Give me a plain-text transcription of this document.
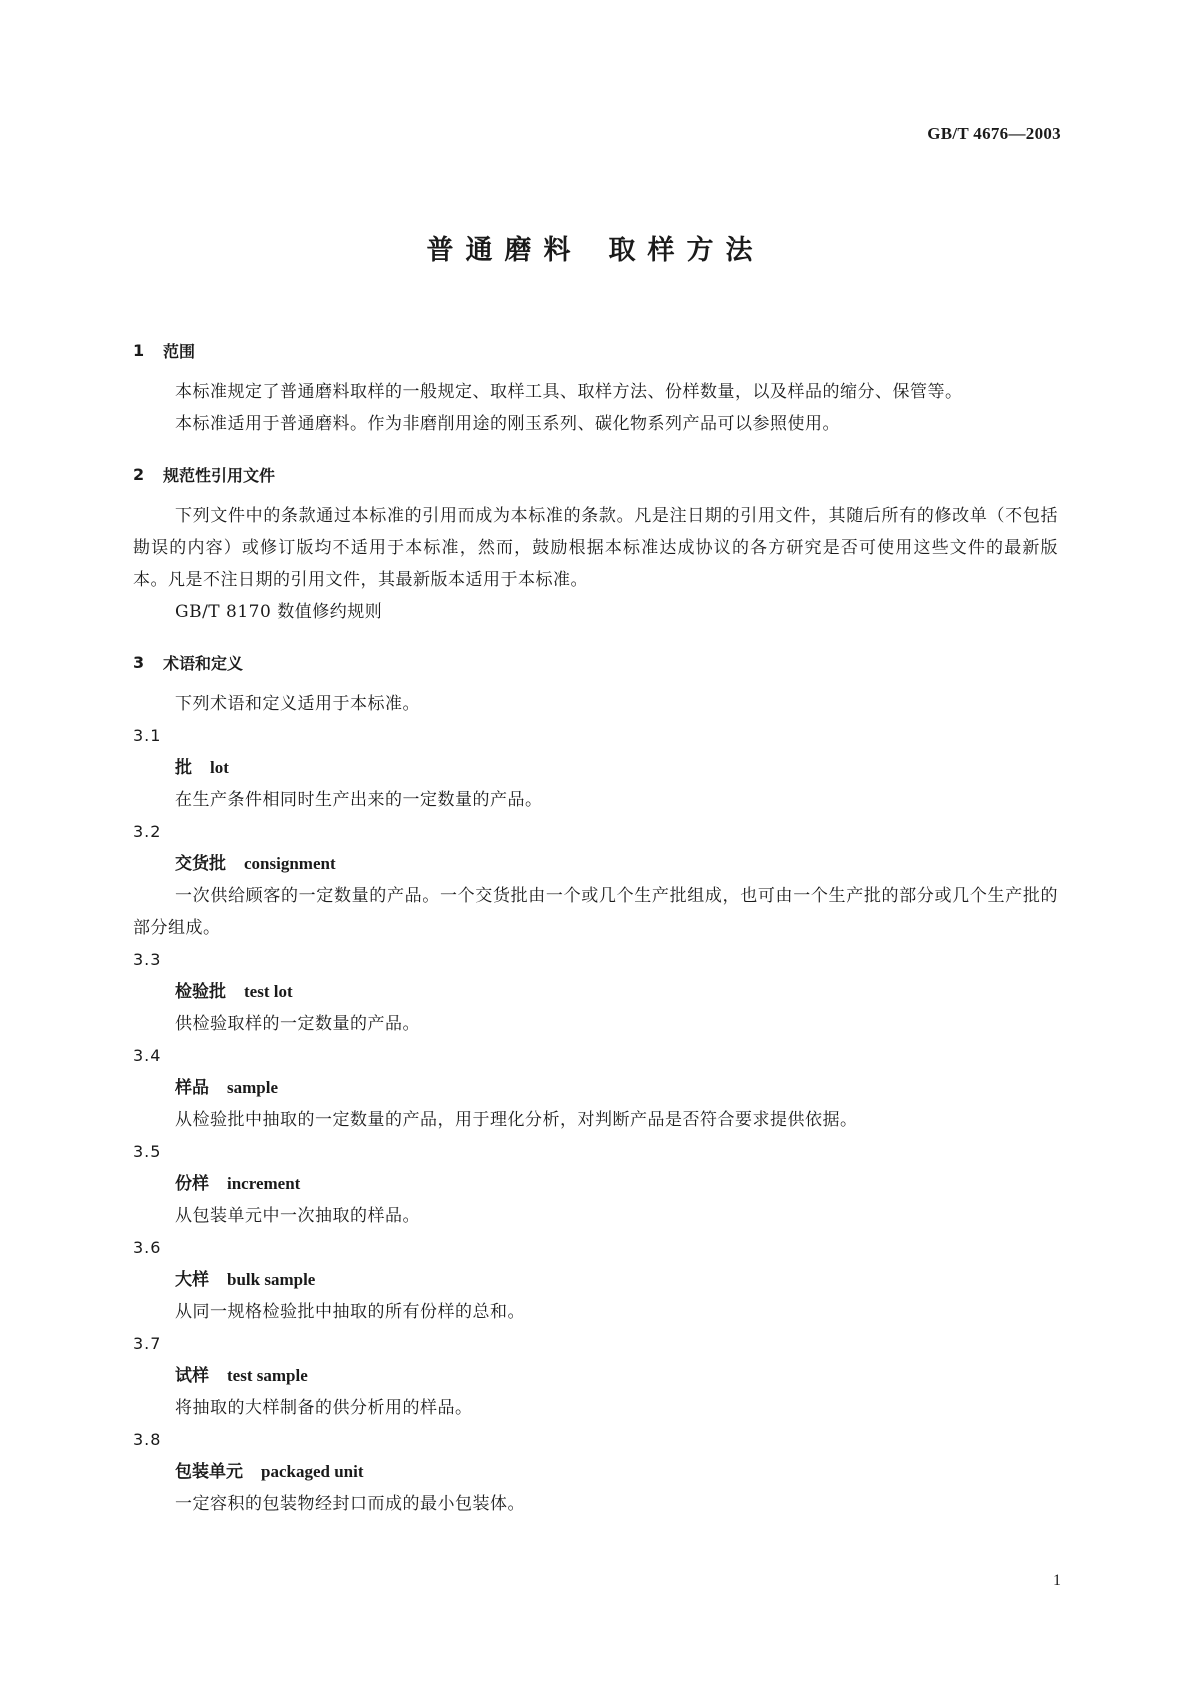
GB/T 4676—2003
普通磨料 取样方法
1	范围

本标准规定了普通磨料取样的一般规定、取样工具、取样方法、份样数量，以及样品的缩分、保管等。

本标准适用于普通磨料。作为非磨削用途的刚玉系列、碳化物系列产品可以参照使用。

2	规范性引用文件

下列文件中的条款通过本标准的引用而成为本标准的条款。凡是注日期的引用文件，其随后所有的修改单（不包括勘误的内容）或修订版均不适用于本标准，然而，鼓励根据本标准达成协议的各方研究是否可使用这些文件的最新版本。凡是不注日期的引用文件，其最新版本适用于本标准。

GB/T 8170 数值修约规则

3	术语和定义

下列术语和定义适用于本标准。

3.1
批 lot
在生产条件相同时生产出来的一定数量的产品。
3.2
交货批 consignment
一次供给顾客的一定数量的产品。一个交货批由一个或几个生产批组成，也可由一个生产批的部分或几个生产批的部分组成。
3.3
检验批 test lot
供检验取样的一定数量的产品。
3.4
样品 sample
从检验批中抽取的一定数量的产品，用于理化分析，对判断产品是否符合要求提供依据。
3.5
份样 increment
从包装单元中一次抽取的样品。
3.6
大样 bulk sample
从同一规格检验批中抽取的所有份样的总和。
3.7
试样 test sample
将抽取的大样制备的供分析用的样品。
3.8
包装单元 packaged unit
一定容积的包装物经封口而成的最小包装体。
1
